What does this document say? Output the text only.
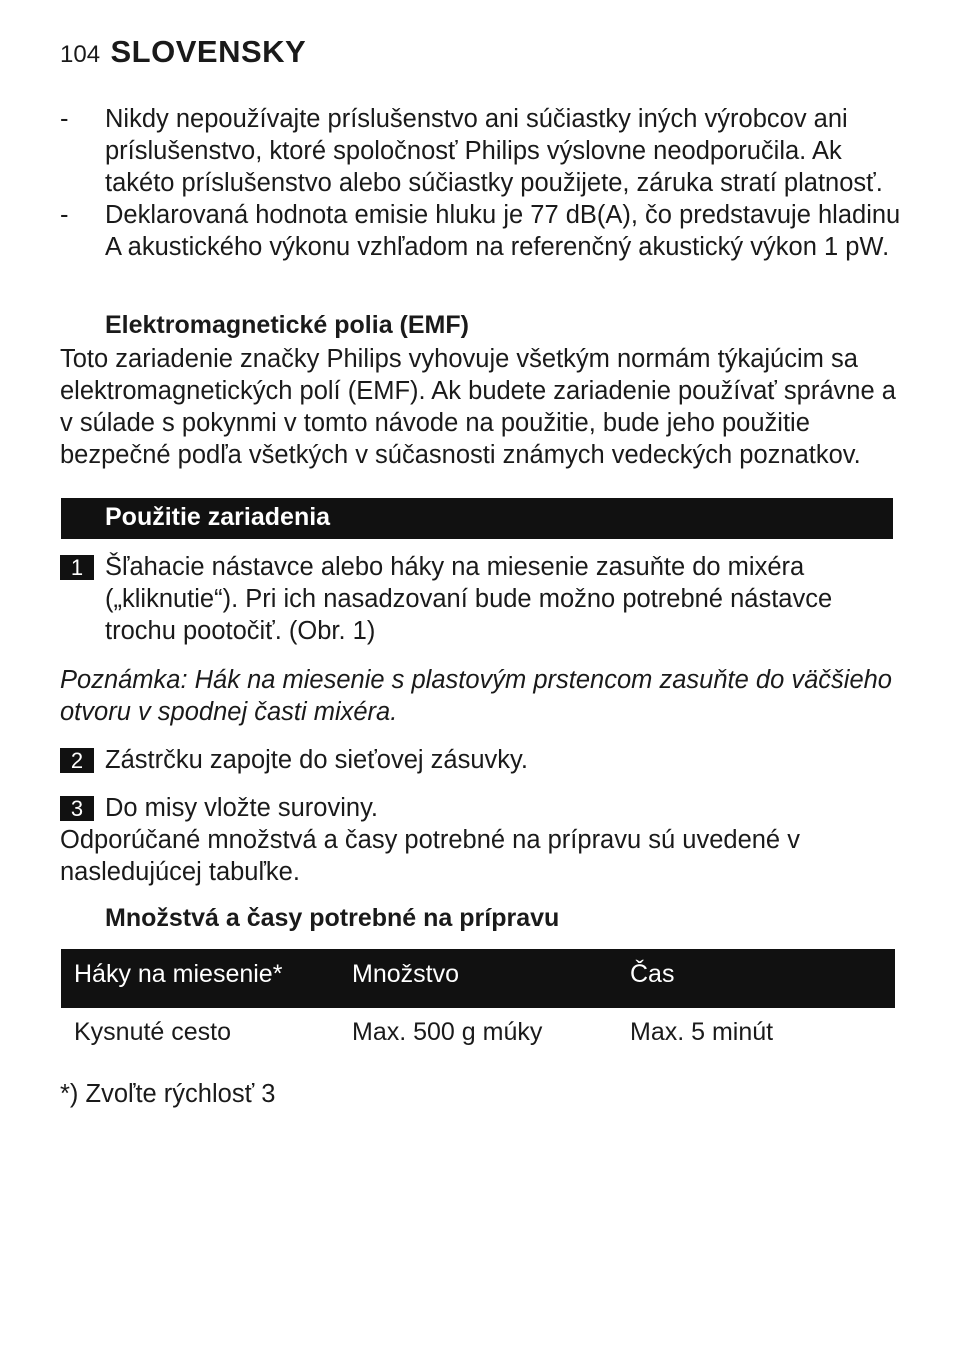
104 SLOVENSKY
- Nikdy nepoužívajte príslušenstvo ani súčiastky iných výrobcov ani príslušenstvo, ktoré spoločnosť Philips výslovne neodporučila. Ak takéto príslušenstvo alebo súčiastky použijete, záruka stratí platnosť.
- Deklarovaná hodnota emisie hluku je 77 dB(A), čo predstavuje hladinu A akustického výkonu vzhľadom na referenčný akustický výkon 1 pW.
Elektromagnetické polia (EMF)
Toto zariadenie značky Philips vyhovuje všetkým normám týkajúcim sa elektromagnetických polí (EMF). Ak budete zariadenie používať správne a v súlade s pokynmi v tomto návode na použitie, bude jeho použitie bezpečné podľa všetkých v súčasnosti známych vedeckých poznatkov.
Použitie zariadenia
1 Šľahacie nástavce alebo háky na miesenie zasuňte do mixéra („kliknutie“). Pri ich nasadzovaní bude možno potrebné nástavce trochu pootočiť. (Obr. 1)
Poznámka: Hák na miesenie s plastovým prstencom zasuňte do väčšieho otvoru v spodnej časti mixéra.
2 Zástrčku zapojte do sieťovej zásuvky.
3 Do misy vložte suroviny.
Odporúčané množstvá a časy potrebné na prípravu sú uvedené v nasledujúcej tabuľke.
Množstvá a časy potrebné na prípravu
Háky na miesenie*	Množstvo	Čas
Kysnuté cesto	Max. 500 g múky	Max. 5 minút
*) Zvoľte rýchlosť 3
